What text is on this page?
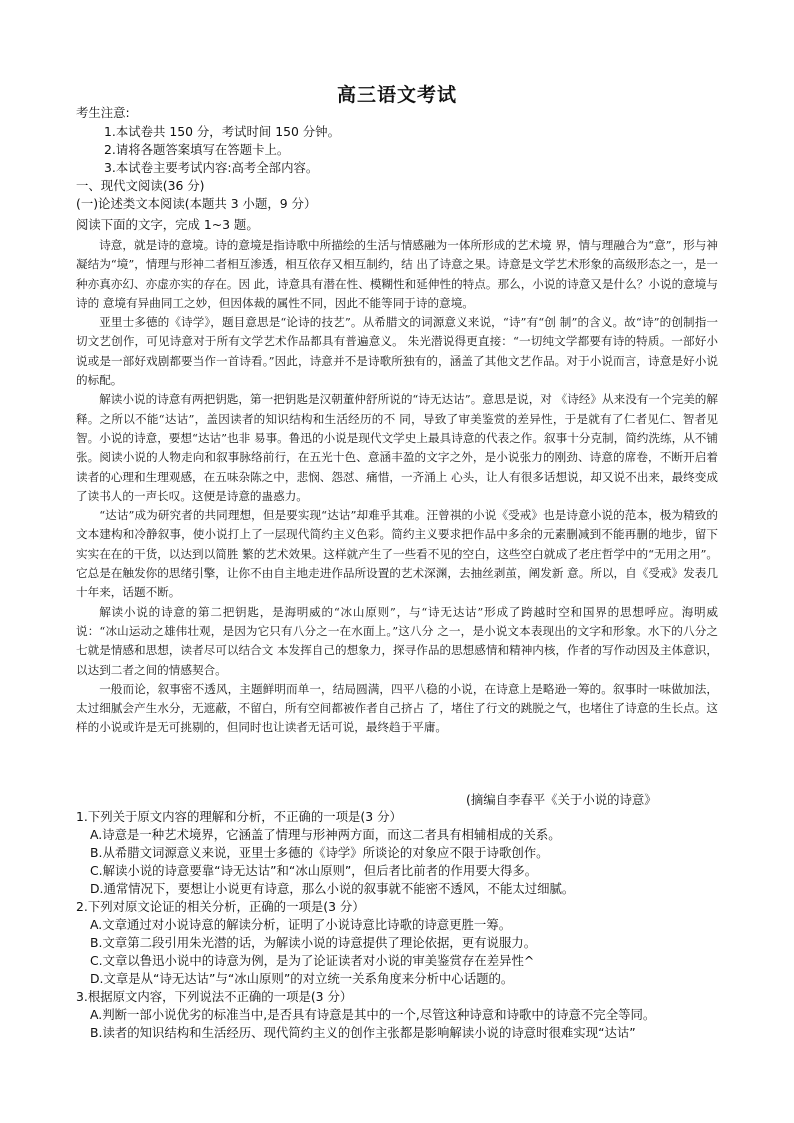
高三语文考试
考生注意:
1.本试卷共 150 分，考试时间 150 分钟。
2.请将各题答案填写在答题卡上。
3.本试卷主要考试内容:高考全部内容。
一、现代文阅读(36 分)
(一)论述类文本阅读(本题共 3 小题，9 分）
阅读下面的文字，完成 1~3 题。

诗意，就是诗的意境。诗的意境是指诗歌中所描绘的生活与情感融为一体所形成的艺术境 界，情与理融合为“意”，形与神凝结为“境”，情理与形神二者相互渗透，相互依存又相互制约，结 出了诗意之果。诗意是文学艺术形象的高级形态之一，是一种亦真亦幻、亦虚亦实的存在。因 此，诗意具有潜在性、模糊性和延伸性的特点。那么，小说的诗意又是什么？小说的意境与诗的 意境有异曲同工之妙，但因体裁的属性不同，因此不能等同于诗的意境。

亚里士多德的《诗学》，题目意思是“论诗的技艺”。从希腊文的词源意义来说，“诗”有“创 制”的含义。故“诗”的创制指一切文艺创作，可见诗意对于所有文学艺术作品都具有普遍意义。 朱光潜说得更直接：“一切纯文学都要有诗的特质。一部好小说或是一部好戏剧都要当作一首诗看。”因此，诗意并不是诗歌所独有的，涵盖了其他文艺作品。对于小说而言，诗意是好小说的标配。

解读小说的诗意有两把钥匙，第一把钥匙是汉朝董仲舒所说的“诗无达诂”。意思是说，对 《诗经》从来没有一个完美的解释。之所以不能“达诂”，盖因读者的知识结构和生活经历的不 同，导致了审美鉴赏的差异性，于是就有了仁者见仁、智者见智。小说的诗意，要想“达诂”也非 易事。鲁迅的小说是现代文学史上最具诗意的代表之作。叙事十分克制，简约洗练，从不铺张。阅读小说的人物走向和叙事脉络前行，在五光十色、意涵丰盈的文字之外，是小说张力的刚劲、诗意的席卷，不断开启着读者的心理和生理观感，在五味杂陈之中，悲悯、怨怼、痛惜，一齐涌上 心头，让人有很多话想说，却又说不出来，最终变成了读书人的一声长叹。这便是诗意的蛊惑力。

“达诂”成为研究者的共同理想，但是要实现“达诂”却难乎其难。汪曾祺的小说《受戒》也是诗意小说的范本，极为精致的文本建构和冷静叙事，使小说打上了一层现代简约主义色彩。简约主义要求把作品中多余的元素删减到不能再删的地步，留下实实在在的干货，以达到以简胜 繁的艺术效果。这样就产生了一些看不见的空白，这些空白就成了老庄哲学中的“无用之用”。 它总是在触发你的思绪引擎，让你不由自主地走进作品所设置的艺术深渊，去抽丝剥茧，阐发新 意。所以，自《受戒》发表几十年来，话题不断。

解读小说的诗意的第二把钥匙，是海明威的“冰山原则”，与“诗无达诂”形成了跨越时空和国界的思想呼应。海明威说：“冰山运动之雄伟壮观，是因为它只有八分之一在水面上。”这八分 之一，是小说文本表现出的文字和形象。水下的八分之七就是情感和思想，读者尽可以结合文 本发挥自己的想象力，探寻作品的思想感情和精神内核，作者的写作动因及主体意识，以达到二者之间的情感契合。

一般而论，叙事密不透风，主题鲜明而单一，结局圆满，四平八稳的小说，在诗意上是略逊一筹的。叙事时一味做加法，太过细腻会产生水分，无遮蔽，不留白，所有空间都被作者自己挤占 了，堵住了行文的跳脱之气，也堵住了诗意的生长点。这样的小说或许是无可挑剔的，但同时也让读者无话可说，最终趋于平庸。

(摘编自李春平《关于小说的诗意》
1.下列关于原文内容的理解和分析，不正确的一项是(3 分）
A.诗意是一种艺术境界，它涵盖了情理与形神两方面，而这二者具有相辅相成的关系。
B.从希腊文词源意义来说，亚里士多德的《诗学》所谈论的对象应不限于诗歌创作。
C.解读小说的诗意要靠“诗无达诂”和“冰山原则”，但后者比前者的作用要大得多。
D.通常情况下，要想让小说更有诗意，那么小说的叙事就不能密不透风，不能太过细腻。
2.下列对原文论证的相关分析，正确的一项是(3 分）
A.文章通过对小说诗意的解读分析，证明了小说诗意比诗歌的诗意更胜一筹。
B.文章第二段引用朱光潜的话，为解读小说的诗意提供了理论依据，更有说服力。
C.文章以鲁迅小说中的诗意为例，是为了论证读者对小说的审美鉴赏存在差异性^
D.文章是从“诗无达诂”与“冰山原则”的对立统一关系角度来分析中心话题的。
3.根据原文内容，下列说法不正确的一项是(3 分）
A.判断一部小说优劣的标准当中,是否具有诗意是其中的一个,尽管这种诗意和诗歌中的诗意不完全等同。
B.读者的知识结构和生活经历、现代简约主义的创作主张都是影响解读小说的诗意时很难实现“达诂”
